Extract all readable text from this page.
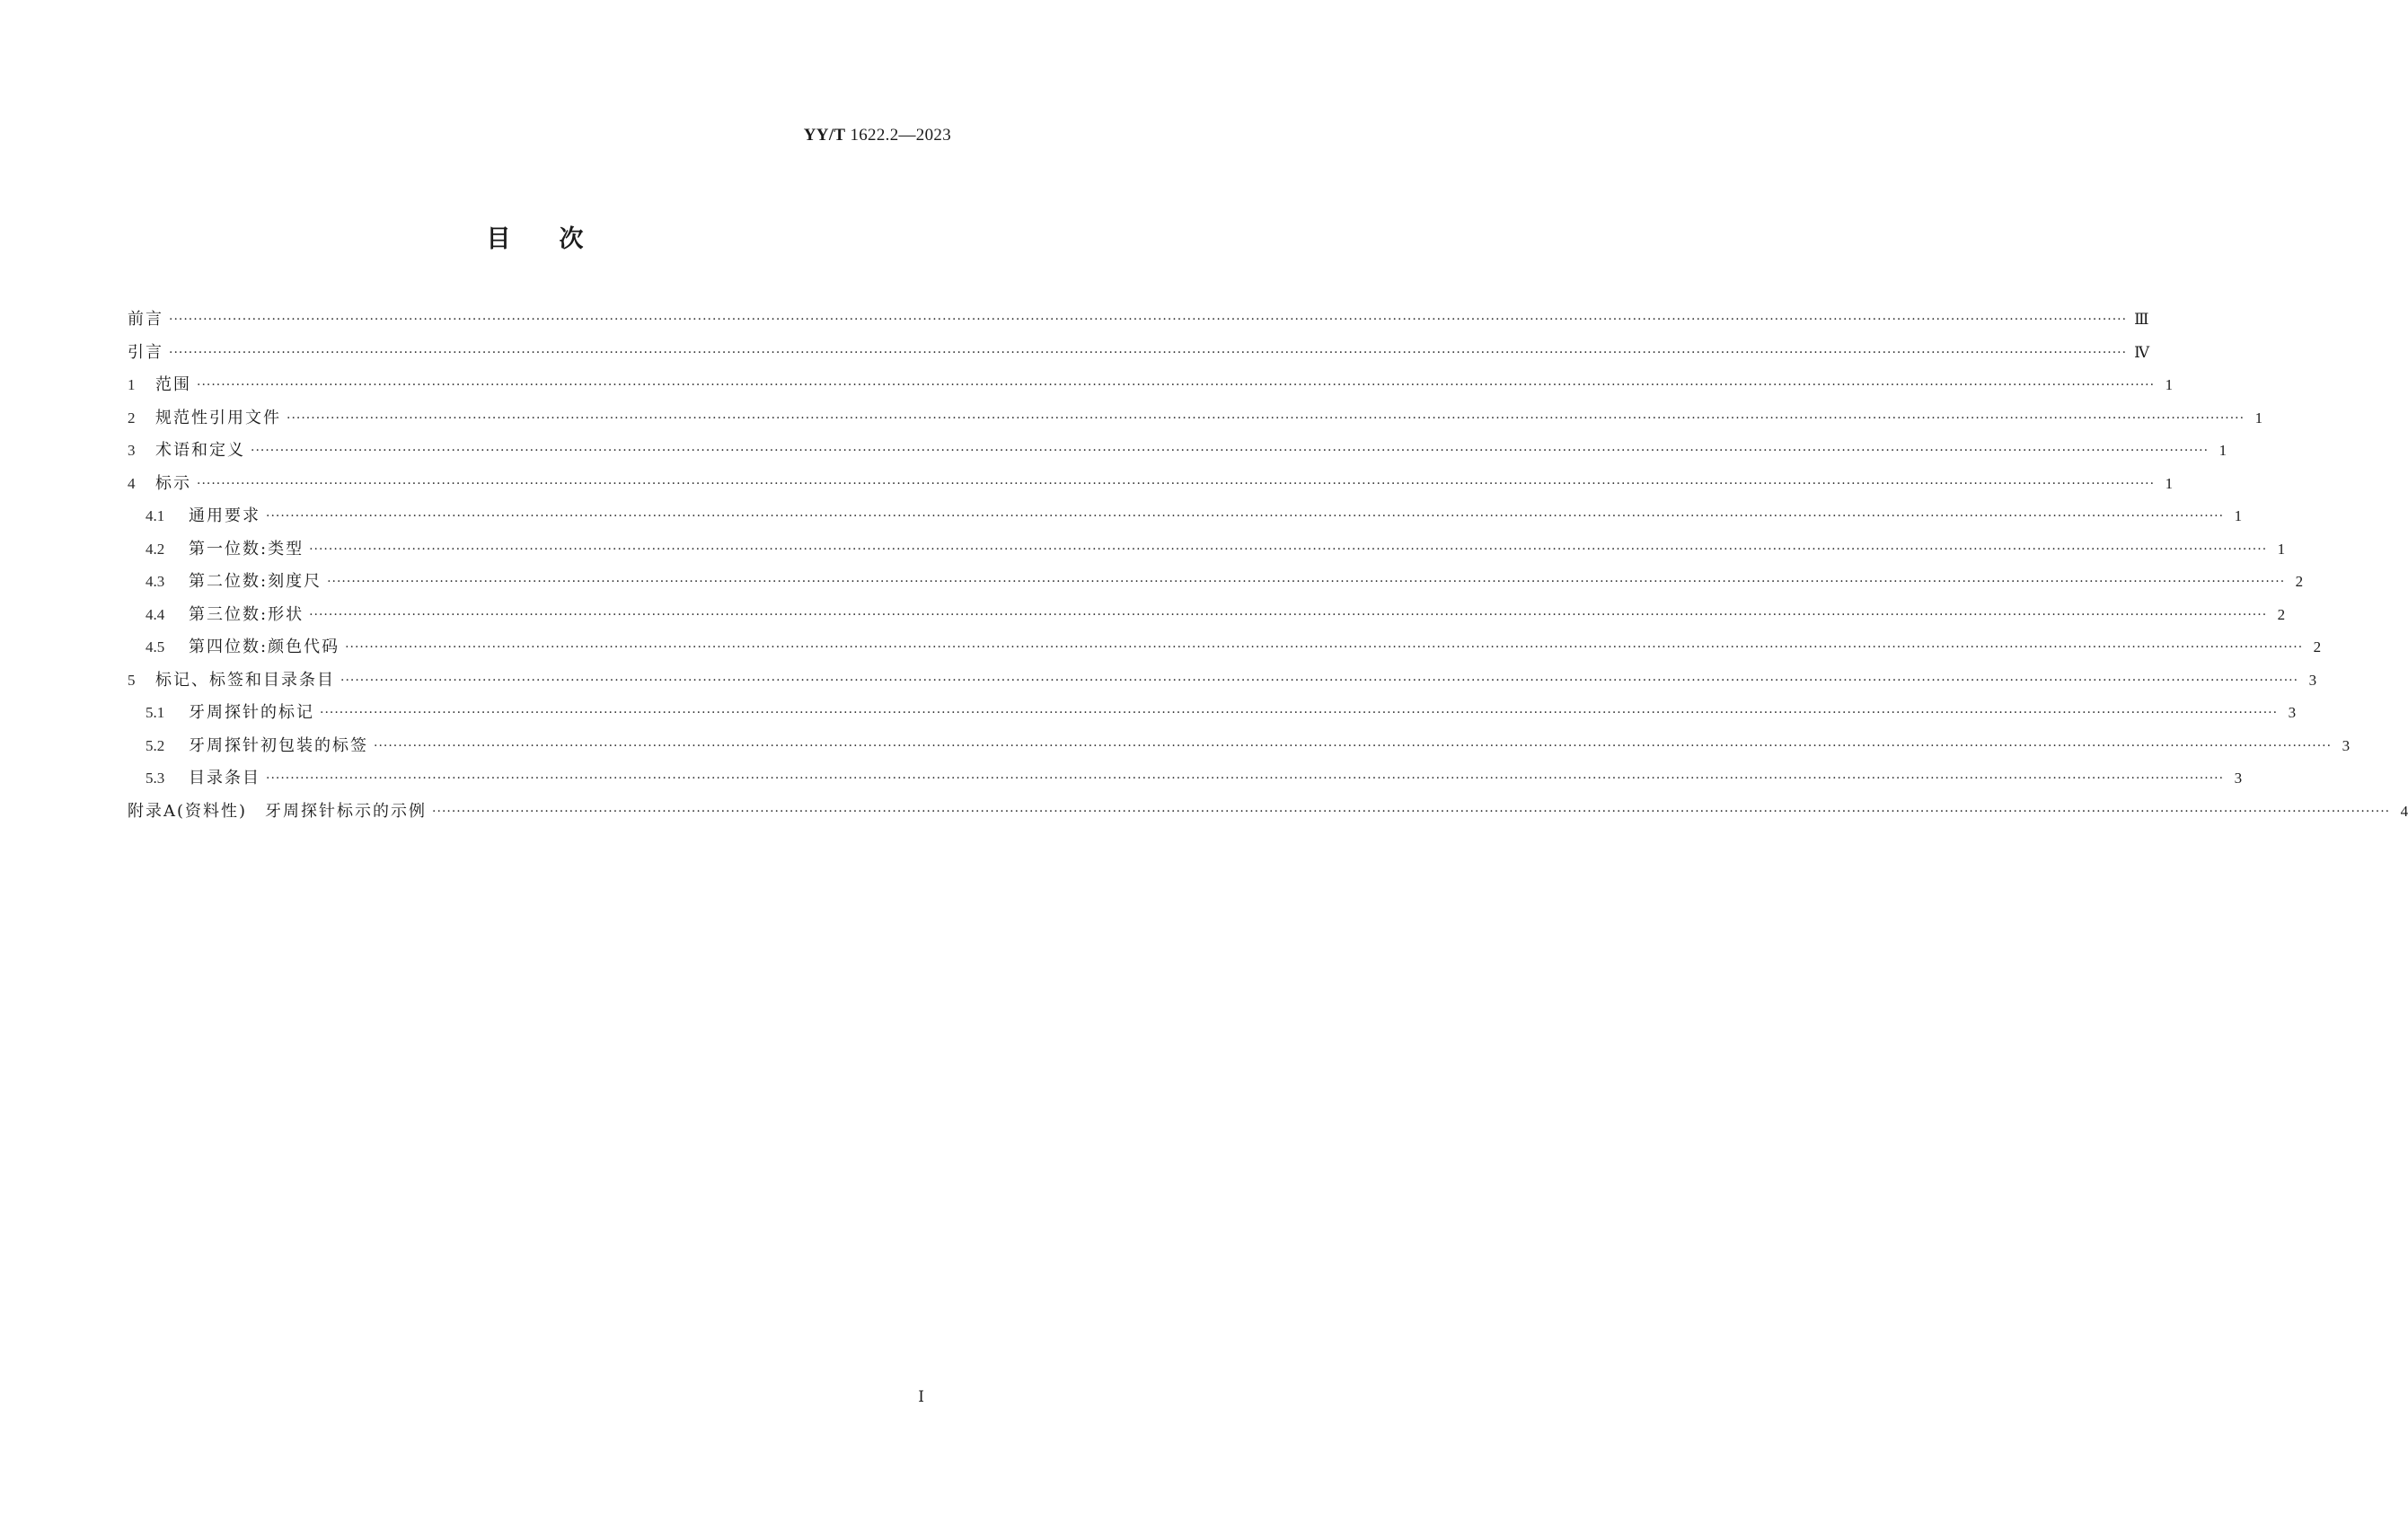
YY/T 1622.2—2023
目次
前言 ················································································································································································································································································································································································································ Ⅲ
引言 ················································································································································································································································································································································································································ Ⅳ
1	范围 ················································································································································································································································································································································································································ 1
2	规范性引用文件 ················································································································································································································································································································································································································ 1
3	术语和定义 ················································································································································································································································································································································································································ 1
4	标示 ················································································································································································································································································································································································································ 1
4.1	通用要求 ················································································································································································································································································································································································································ 1
4.2	第一位数:类型 ················································································································································································································································································································································································································ 1
4.3	第二位数:刻度尺 ················································································································································································································································································································································································································ 2
4.4	第三位数:形状 ················································································································································································································································································································································································································ 2
4.5	第四位数:颜色代码 ················································································································································································································································································································································································································ 2
5	标记、标签和目录条目 ················································································································································································································································································································································································································ 3
5.1	牙周探针的标记 ················································································································································································································································································································································································································ 3
5.2	牙周探针初包装的标签 ················································································································································································································································································································································································································ 3
5.3	目录条目 ················································································································································································································································································································································································································ 3
附录A(资料性)　牙周探针标示的示例 ················································································································································································································································································································································································································ 4
Ⅰ
